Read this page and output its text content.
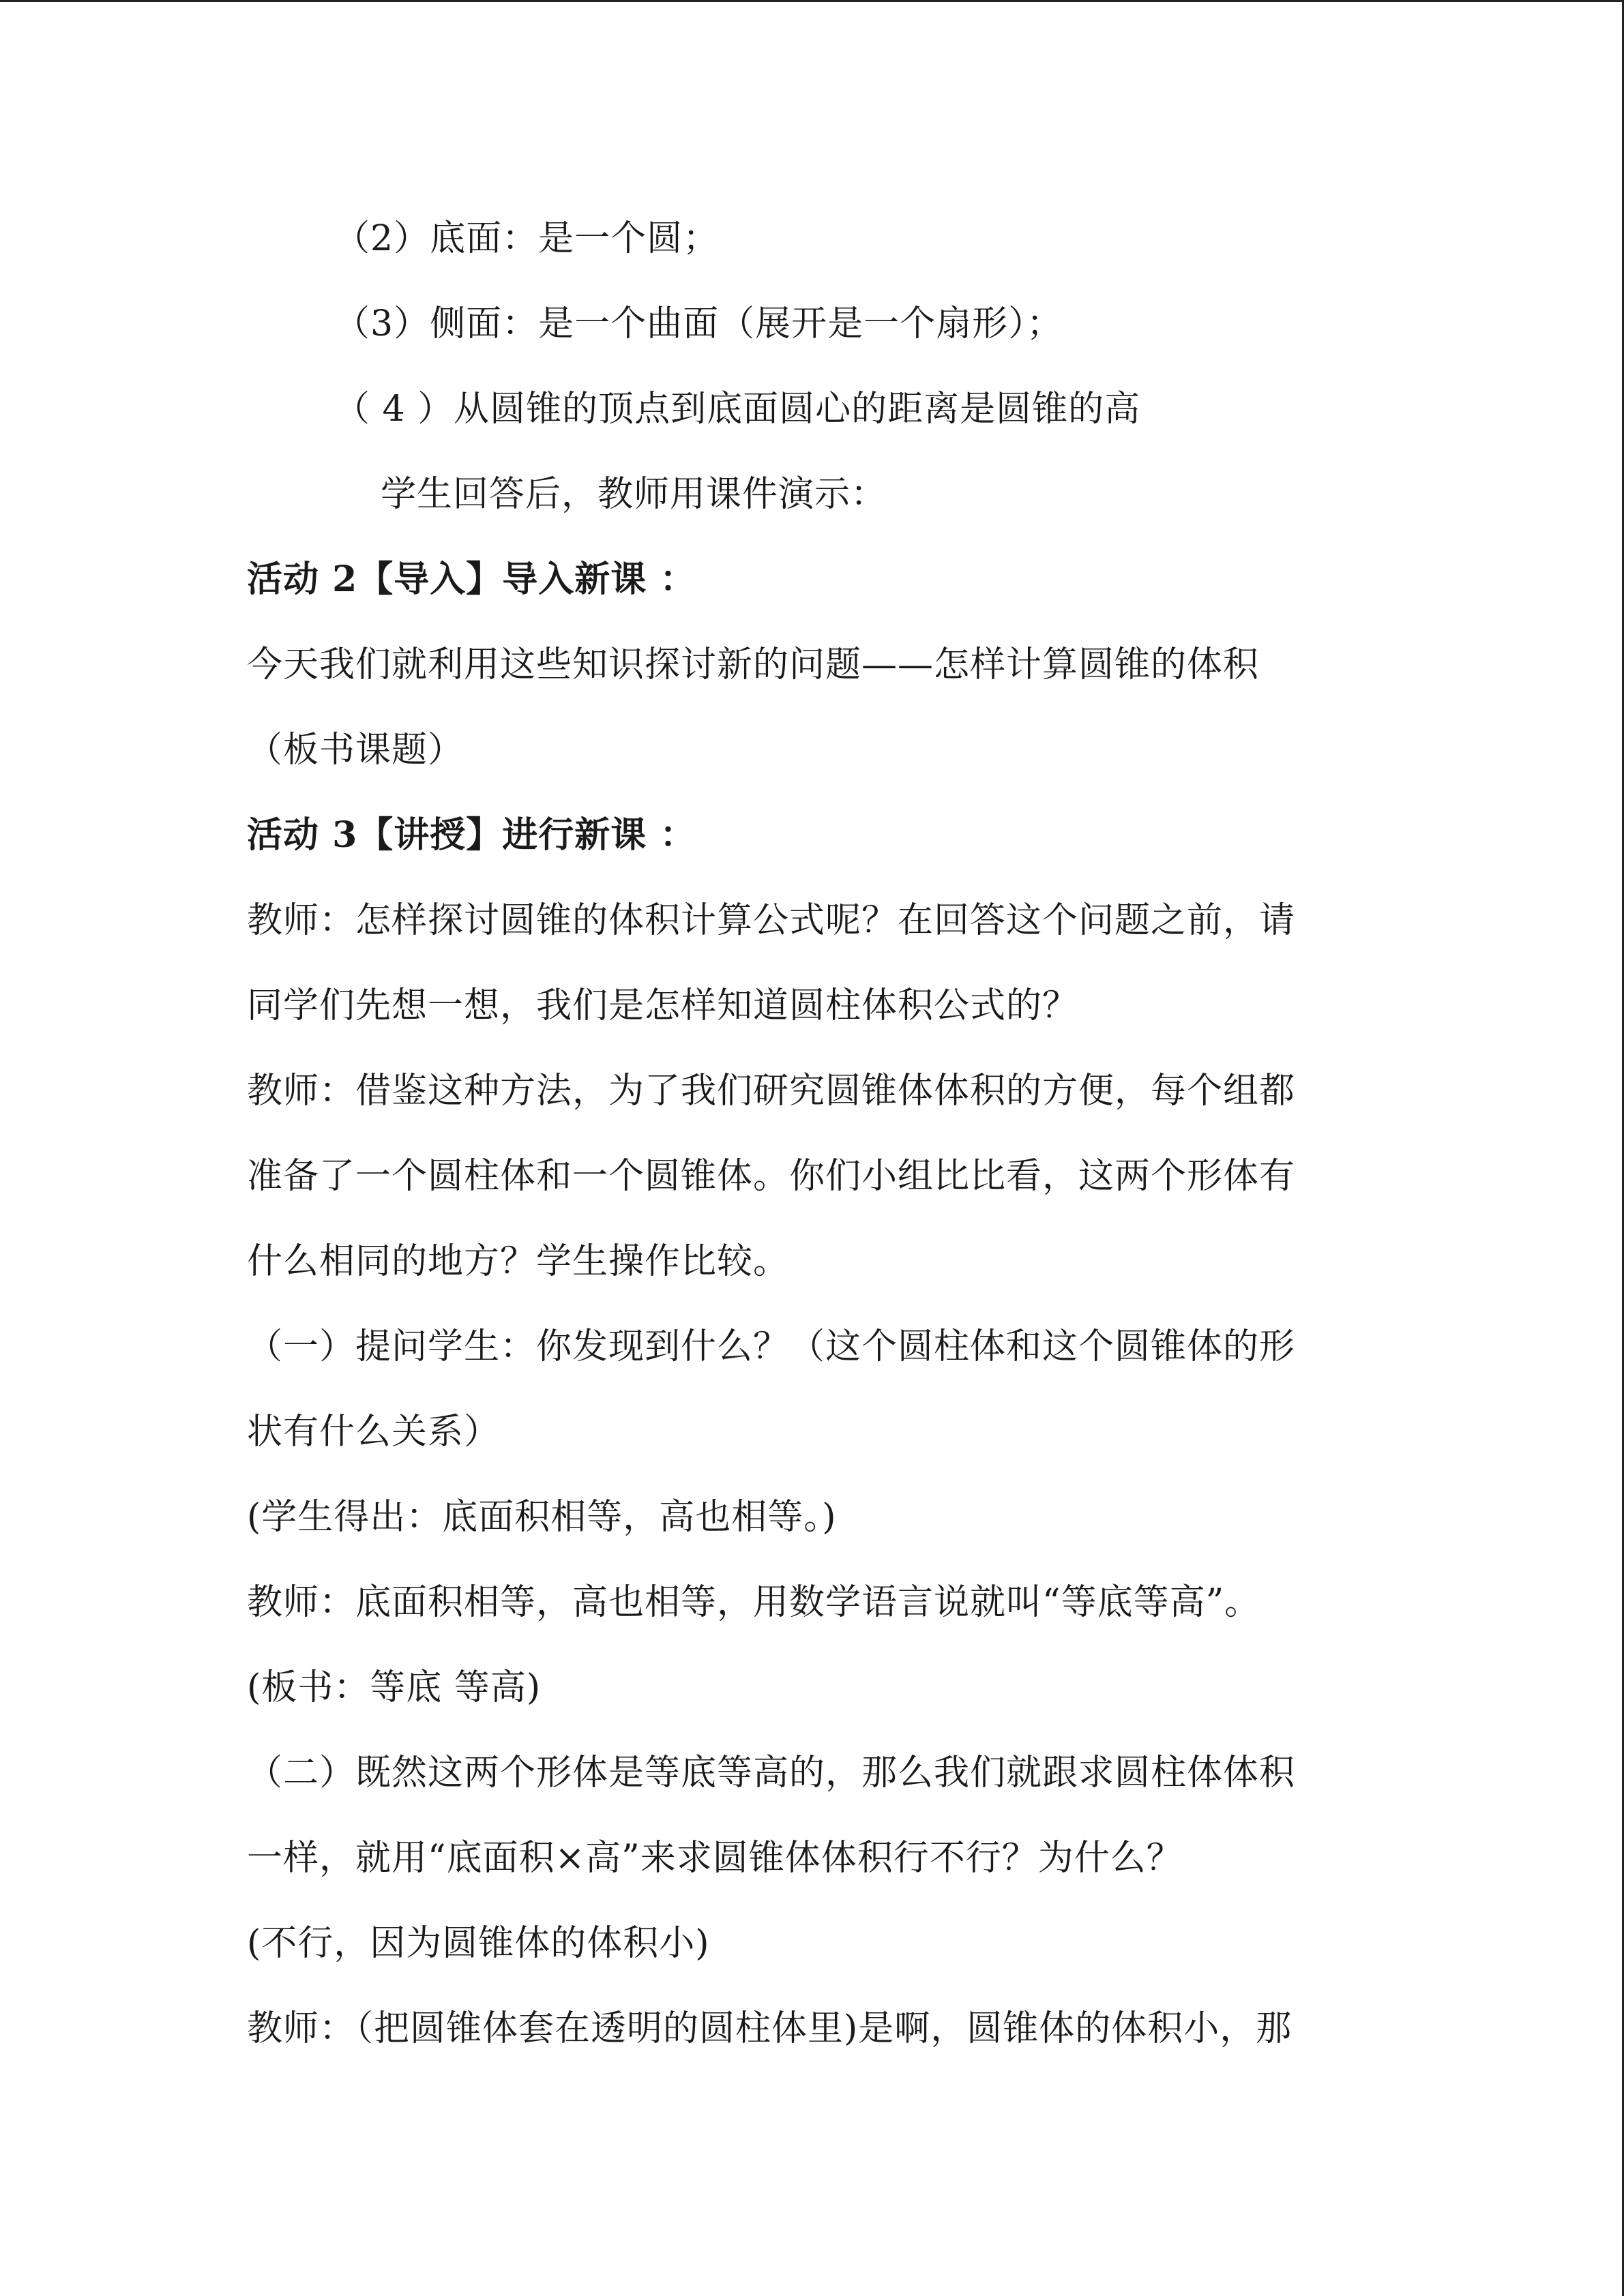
（2）底面：是一个圆；
（3）侧面：是一个曲面（展开是一个扇形）；
（ 4 ）从圆锥的顶点到底面圆心的距离是圆锥的高
学生回答后，教师用课件演示：
活动 2【导入】导入新课 ：
今天我们就利用这些知识探讨新的问题——怎样计算圆锥的体积
（板书课题）
活动 3【讲授】进行新课 ：
教师：怎样探讨圆锥的体积计算公式呢？在回答这个问题之前，请
同学们先想一想，我们是怎样知道圆柱体积公式的？
教师：借鉴这种方法，为了我们研究圆锥体体积的方便，每个组都
准备了一个圆柱体和一个圆锥体。你们小组比比看，这两个形体有
什么相同的地方？学生操作比较。
（一）提问学生：你发现到什么？（这个圆柱体和这个圆锥体的形
状有什么关系）
(学生得出：底面积相等，高也相等。)
教师：底面积相等，高也相等，用数学语言说就叫“等底等高”。
(板书：等底 等高)
（二）既然这两个形体是等底等高的，那么我们就跟求圆柱体体积
一样，就用“底面积×高”来求圆锥体体积行不行？为什么？
(不行，因为圆锥体的体积小)
教师：（把圆锥体套在透明的圆柱体里)是啊，圆锥体的体积小，那
